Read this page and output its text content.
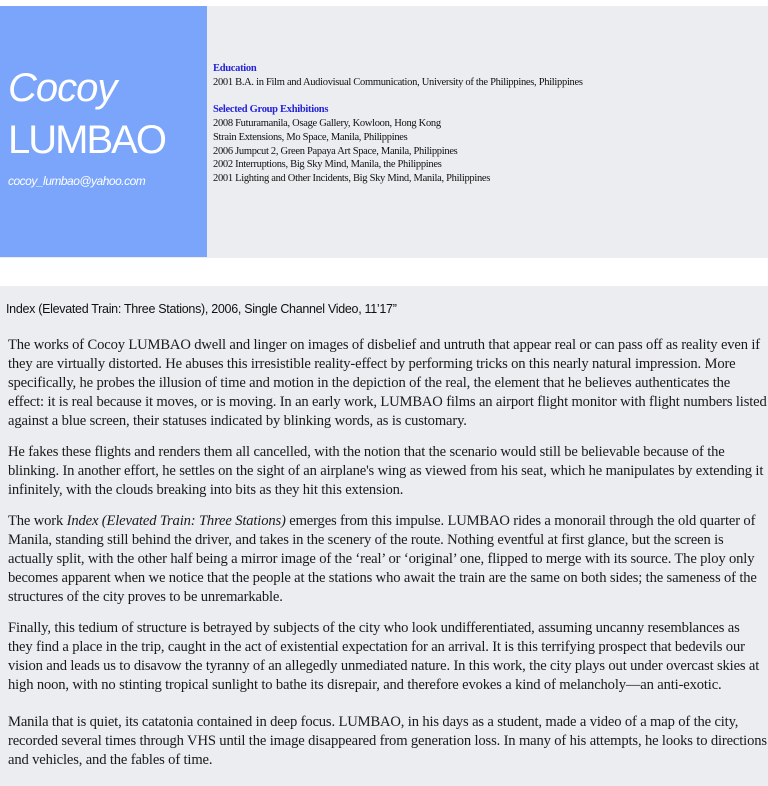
Cocoy
LUMBAO
cocoy_lumbao@yahoo.com
Education
2001 B.A. in Film and Audiovisual Communication, University of the Philippines, Philippines
Selected Group Exhibitions
2008 Futuramanila, Osage Gallery, Kowloon, Hong Kong
Strain Extensions, Mo Space, Manila, Philippines
2006 Jumpcut 2, Green Papaya Art Space, Manila, Philippines
2002 Interruptions, Big Sky Mind, Manila, the Philippines
2001 Lighting and Other Incidents, Big Sky Mind, Manila, Philippines
Index (Elevated Train: Three Stations), 2006, Single Channel Video, 11’17”

The works of Cocoy LUMBAO dwell and linger on images of disbelief and untruth that appear real or can pass off as reality even if they are virtually distorted. He abuses this irresistible reality-effect by performing tricks on this nearly natural impression. More specifically, he probes the illusion of time and motion in the depiction of the real, the element that he believes authenticates the effect: it is real because it moves, or is moving. In an early work, LUMBAO films an airport flight monitor with flight numbers listed against a blue screen, their statuses indicated by blinking words, as is customary.

He fakes these flights and renders them all cancelled, with the notion that the scenario would still be believable because of the blinking. In another effort, he settles on the sight of an airplane's wing as viewed from his seat, which he manipulates by extending it infinitely, with the clouds breaking into bits as they hit this extension.

The work Index (Elevated Train: Three Stations) emerges from this impulse. LUMBAO rides a monorail through the old quarter of Manila, standing still behind the driver, and takes in the scenery of the route. Nothing eventful at first glance, but the screen is actually split, with the other half being a mirror image of the ‘real’ or ‘original’ one, flipped to merge with its source. The ploy only becomes apparent when we notice that the people at the stations who await the train are the same on both sides; the sameness of the structures of the city proves to be unremarkable.

Finally, this tedium of structure is betrayed by subjects of the city who look undifferentiated, assuming uncanny resemblances as they find a place in the trip, caught in the act of existential expectation for an arrival. It is this terrifying prospect that bedevils our vision and leads us to disavow the tyranny of an allegedly unmediated nature. In this work, the city plays out under overcast skies at high noon, with no stinting tropical sunlight to bathe its disrepair, and therefore evokes a kind of melancholy—an anti-exotic.

Manila that is quiet, its catatonia contained in deep focus. LUMBAO, in his days as a student, made a video of a map of the city, recorded several times through VHS until the image disappeared from generation loss. In many of his attempts, he looks to directions and vehicles, and the fables of time.
